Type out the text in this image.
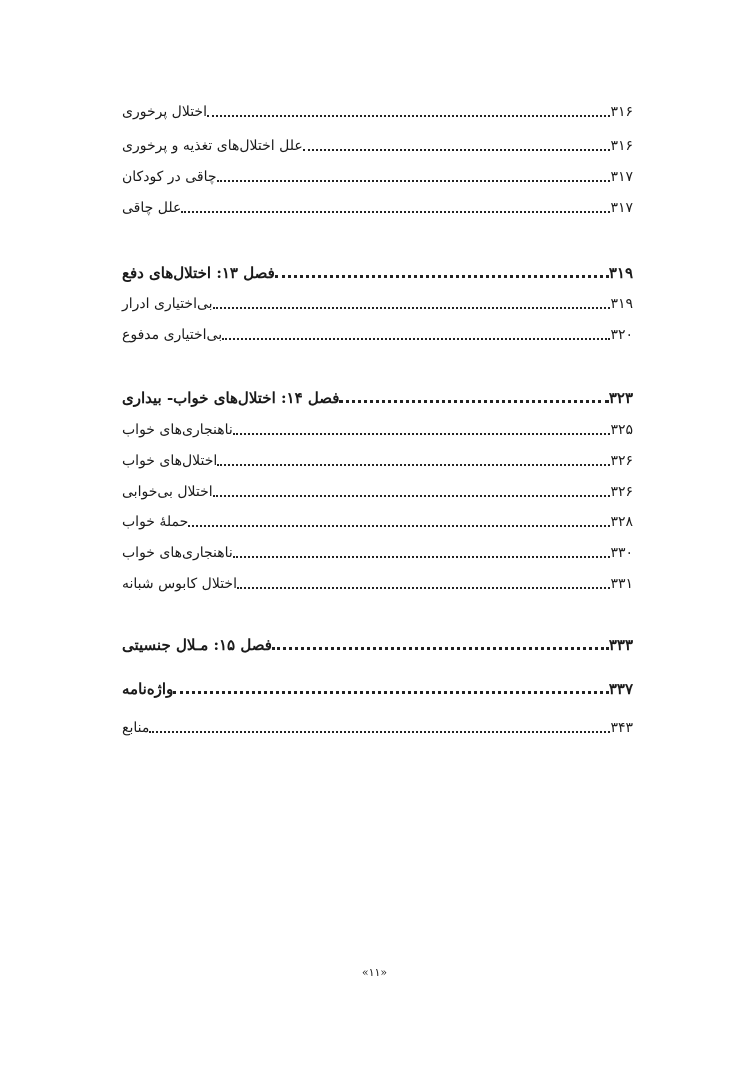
اختلال پرخوری	۳۱۶
علل اختلال‌های تغذیه و پرخوری	۳۱۶
چاقی در کودکان	۳۱۷
علل چاقی	۳۱۷
فصل ۱۳: اختلال‌های دفع	۳۱۹
بی‌اختیاری ادرار	۳۱۹
بی‌اختیاری مدفوع	۳۲۰
فصل ۱۴: اختلال‌های خواب- بیداری	۳۲۳
ناهنجاری‌های خواب	۳۲۵
اختلال‌های خواب	۳۲۶
اختلال بی‌خوابی	۳۲۶
حملهٔ خواب	۳۲۸
ناهنجاری‌های خواب	۳۳۰
اختلال کابوس شبانه	۳۳۱
فصل ۱۵: مـلال جنسیتی	۳۳۳
واژه‌نامه	۳۳۷
منابع	۳۴۳
«۱۱»
